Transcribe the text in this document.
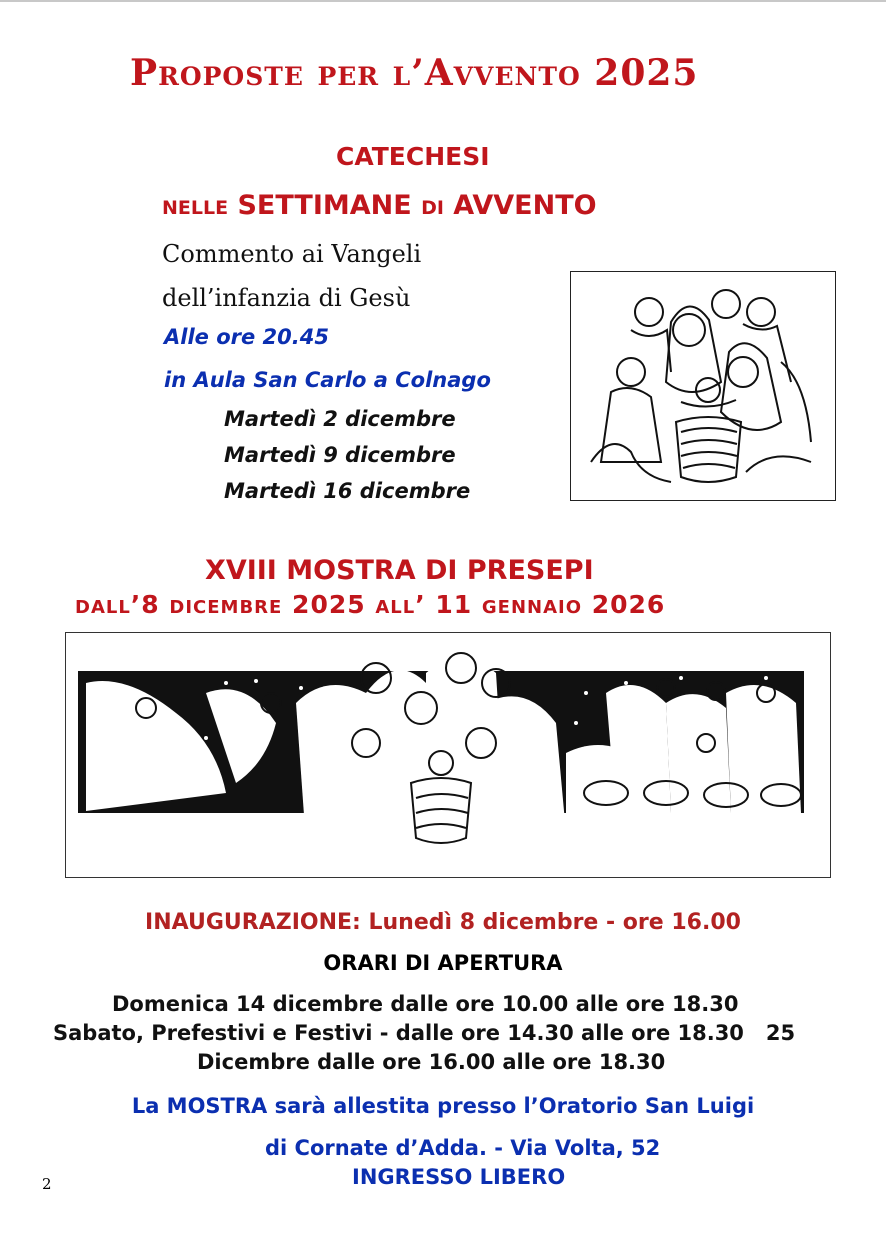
Proposte per l’Avvento 2025
CATECHESI
nelle SETTIMANE di AVVENTO
Commento ai Vangeli
dell’infanzia di Gesù
Alle ore 20.45
in Aula San Carlo a Colnago
Martedì 2 dicembre
Martedì 9 dicembre
Martedì 16 dicembre
XVIII MOSTRA DI PRESEPI
dall’8 dicembre 2025 all’ 11 gennaio 2026
INAUGURAZIONE: Lunedì 8 dicembre - ore 16.00
ORARI DI APERTURA
Domenica 14 dicembre dalle ore 10.00 alle ore 18.30
Sabato, Prefestivi e Festivi - dalle ore 14.30 alle ore 18.30   25
Dicembre dalle ore 16.00 alle ore 18.30
La MOSTRA sarà allestita presso l’Oratorio San Luigi
di Cornate d’Adda. - Via Volta, 52
INGRESSO LIBERO
2
